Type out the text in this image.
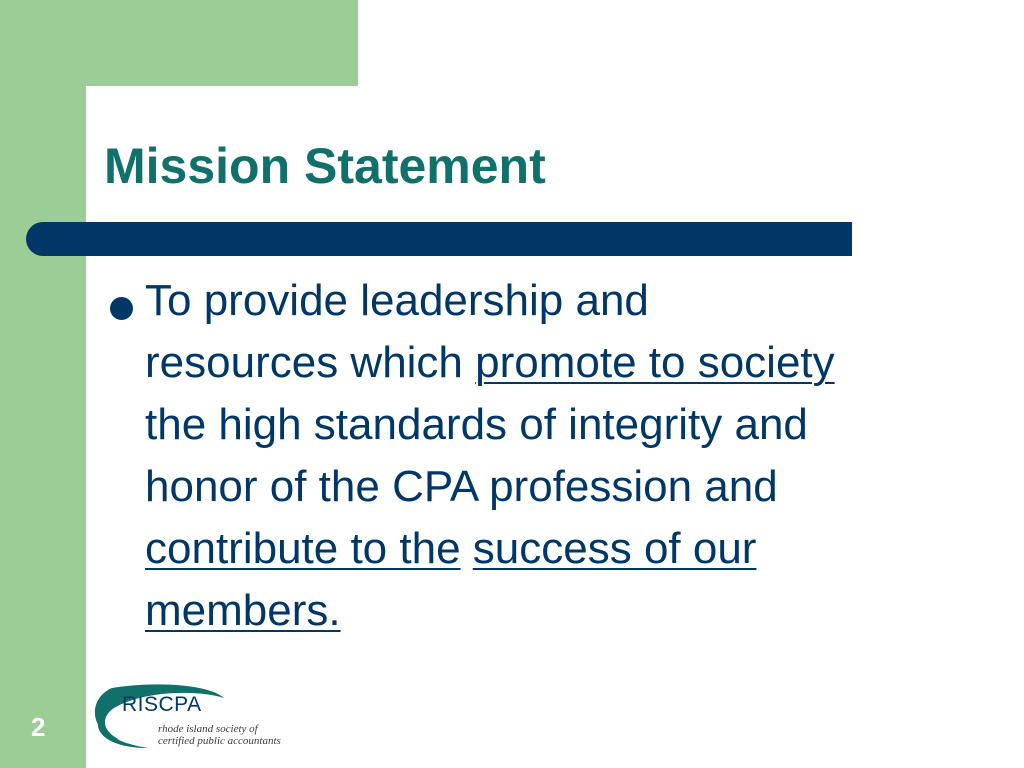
Mission Statement

To provide leadership and
resources which promote to society
the high standards of integrity and
honor of the CPA profession and
contribute to the success of our
members.

2
RISCPA
rhode island society of
certified public accountants
